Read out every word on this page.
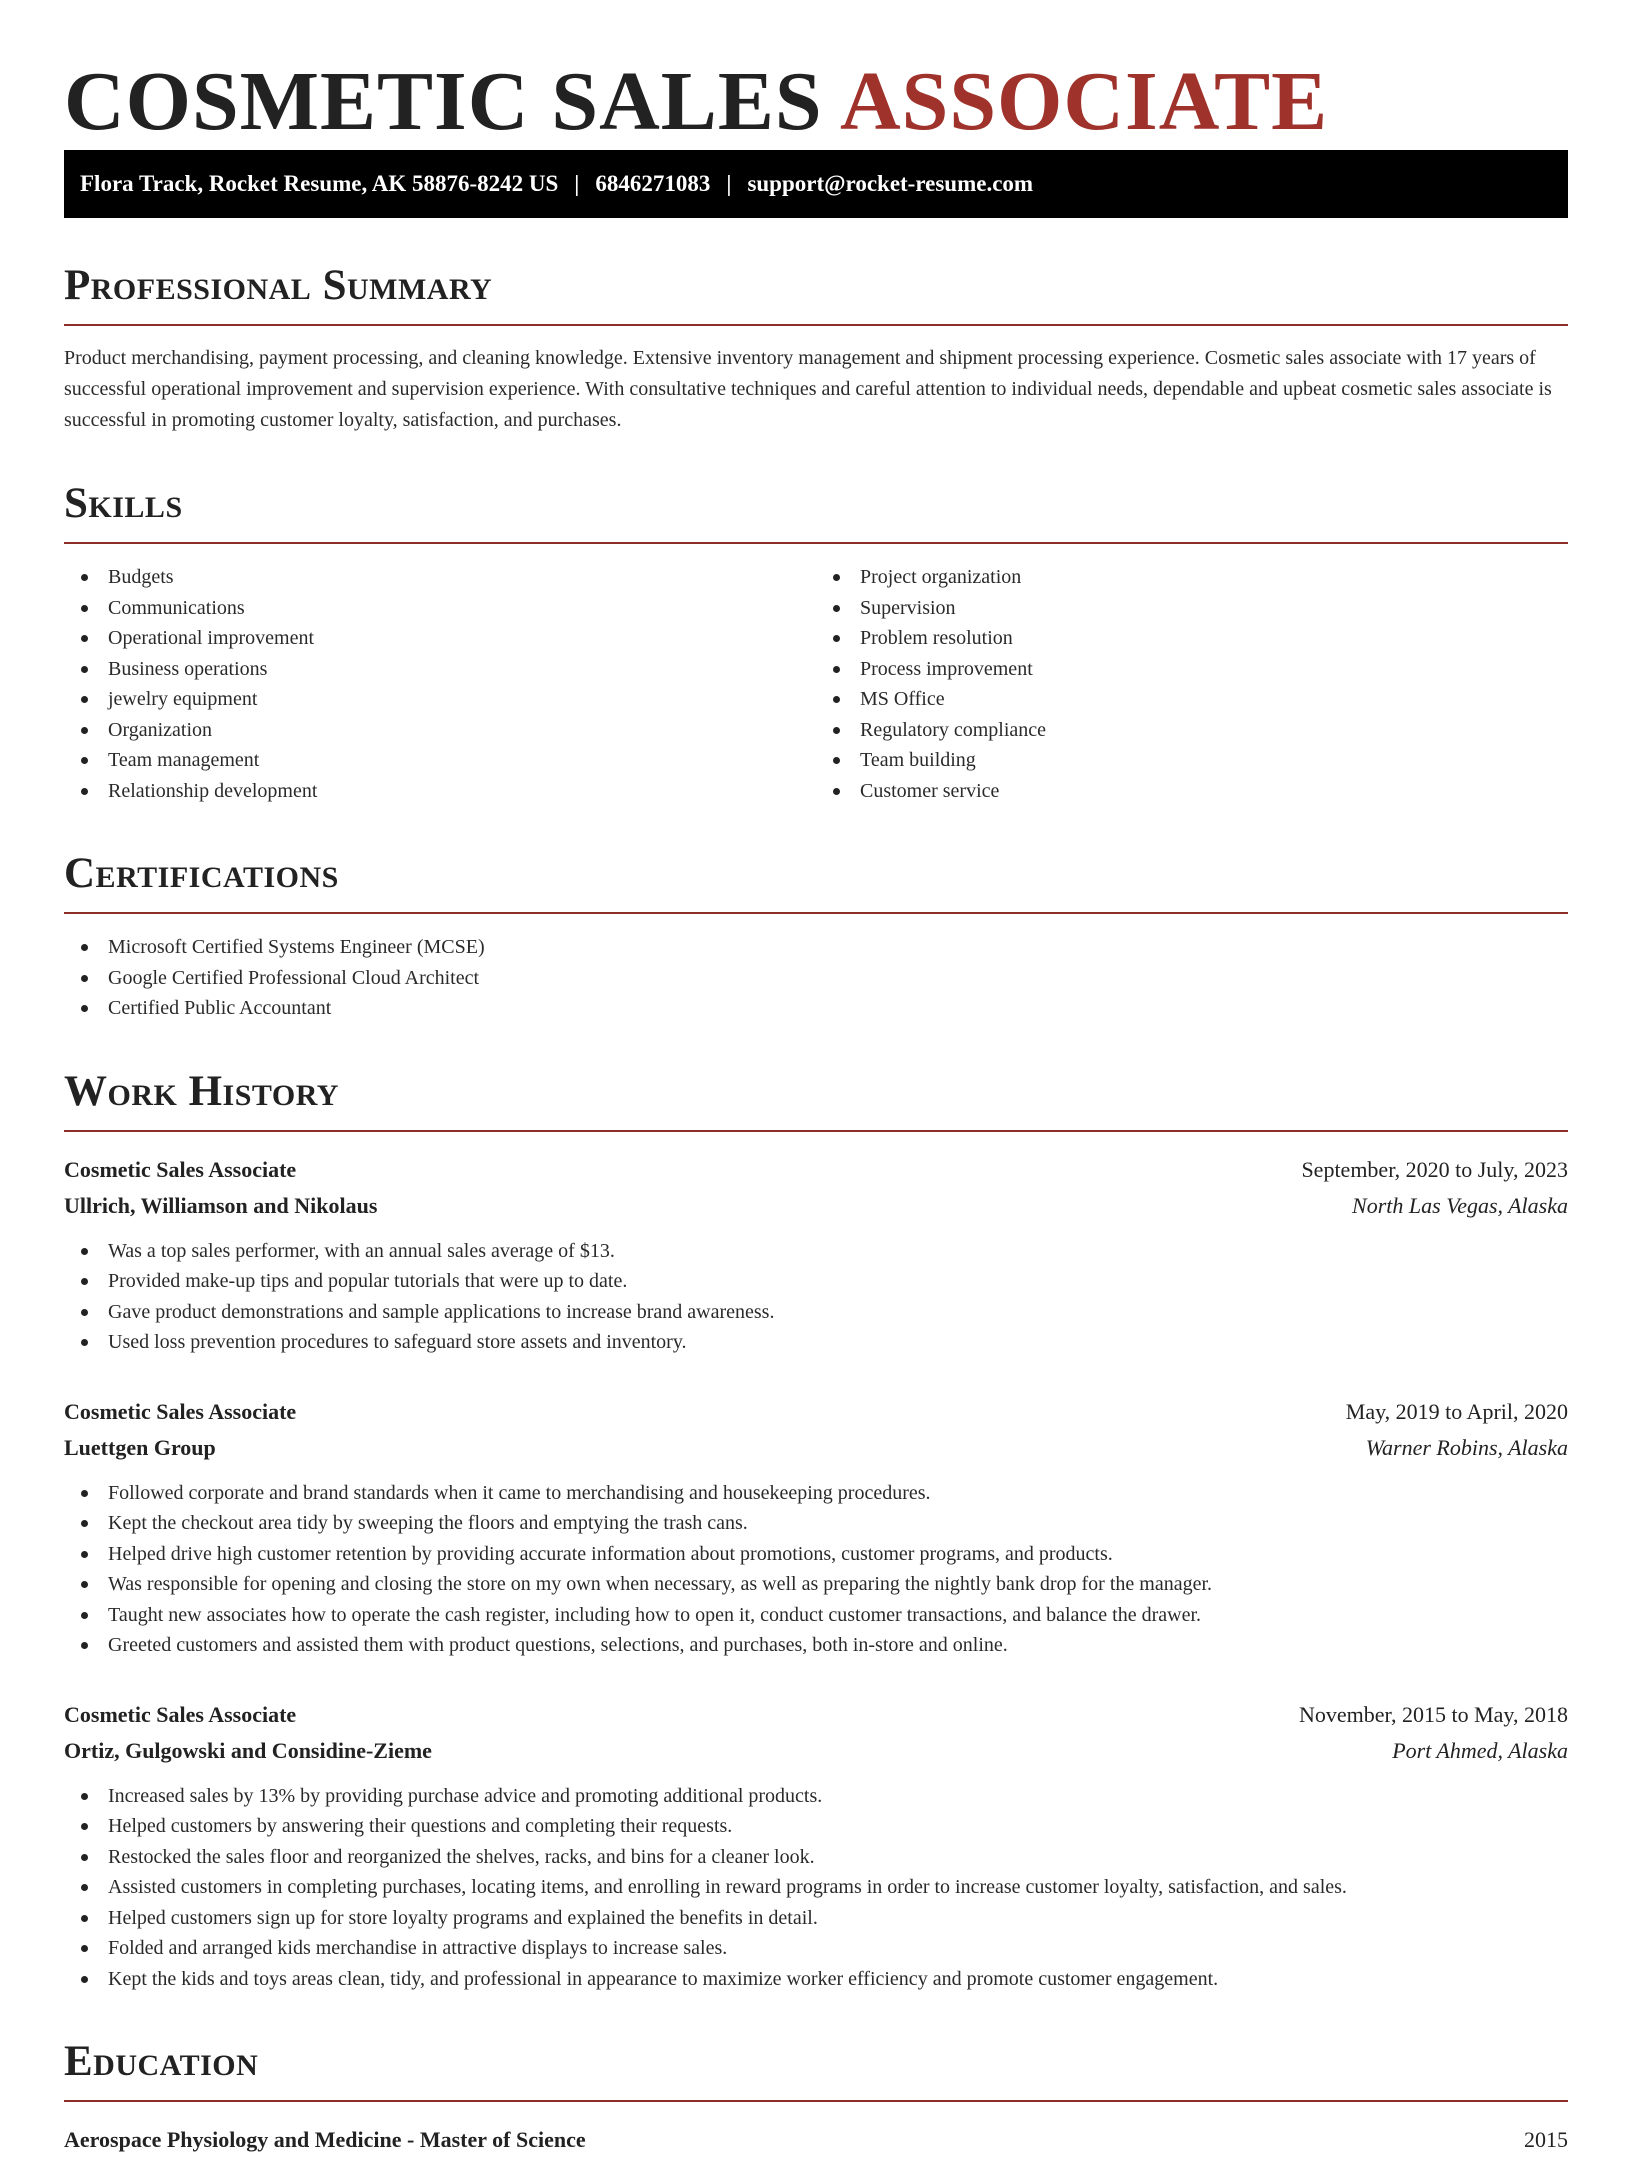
COSMETIC SALES ASSOCIATE
Flora Track, Rocket Resume, AK 58876-8242 US | 6846271083 | support@rocket-resume.com
Professional Summary

Product merchandising, payment processing, and cleaning knowledge. Extensive inventory management and shipment processing experience. Cosmetic sales associate with 17 years of successful operational improvement and supervision experience. With consultative techniques and careful attention to individual needs, dependable and upbeat cosmetic sales associate is successful in promoting customer loyalty, satisfaction, and purchases.

Skills
Budgets
Communications
Operational improvement
Business operations
jewelry equipment
Organization
Team management
Relationship development
Project organization
Supervision
Problem resolution
Process improvement
MS Office
Regulatory compliance
Team building
Customer service
Certifications
Microsoft Certified Systems Engineer (MCSE)
Google Certified Professional Cloud Architect
Certified Public Accountant
Work History
Cosmetic Sales Associate	September, 2020 to July, 2023
Ullrich, Williamson and Nikolaus	North Las Vegas, Alaska
Was a top sales performer, with an annual sales average of $13.
Provided make-up tips and popular tutorials that were up to date.
Gave product demonstrations and sample applications to increase brand awareness.
Used loss prevention procedures to safeguard store assets and inventory.
Cosmetic Sales Associate	May, 2019 to April, 2020
Luettgen Group	Warner Robins, Alaska
Followed corporate and brand standards when it came to merchandising and housekeeping procedures.
Kept the checkout area tidy by sweeping the floors and emptying the trash cans.
Helped drive high customer retention by providing accurate information about promotions, customer programs, and products.
Was responsible for opening and closing the store on my own when necessary, as well as preparing the nightly bank drop for the manager.
Taught new associates how to operate the cash register, including how to open it, conduct customer transactions, and balance the drawer.
Greeted customers and assisted them with product questions, selections, and purchases, both in-store and online.
Cosmetic Sales Associate	November, 2015 to May, 2018
Ortiz, Gulgowski and Considine-Zieme	Port Ahmed, Alaska
Increased sales by 13% by providing purchase advice and promoting additional products.
Helped customers by answering their questions and completing their requests.
Restocked the sales floor and reorganized the shelves, racks, and bins for a cleaner look.
Assisted customers in completing purchases, locating items, and enrolling in reward programs in order to increase customer loyalty, satisfaction, and sales.
Helped customers sign up for store loyalty programs and explained the benefits in detail.
Folded and arranged kids merchandise in attractive displays to increase sales.
Kept the kids and toys areas clean, tidy, and professional in appearance to maximize worker efficiency and promote customer engagement.
Education
Aerospace Physiology and Medicine - Master of Science	2015
